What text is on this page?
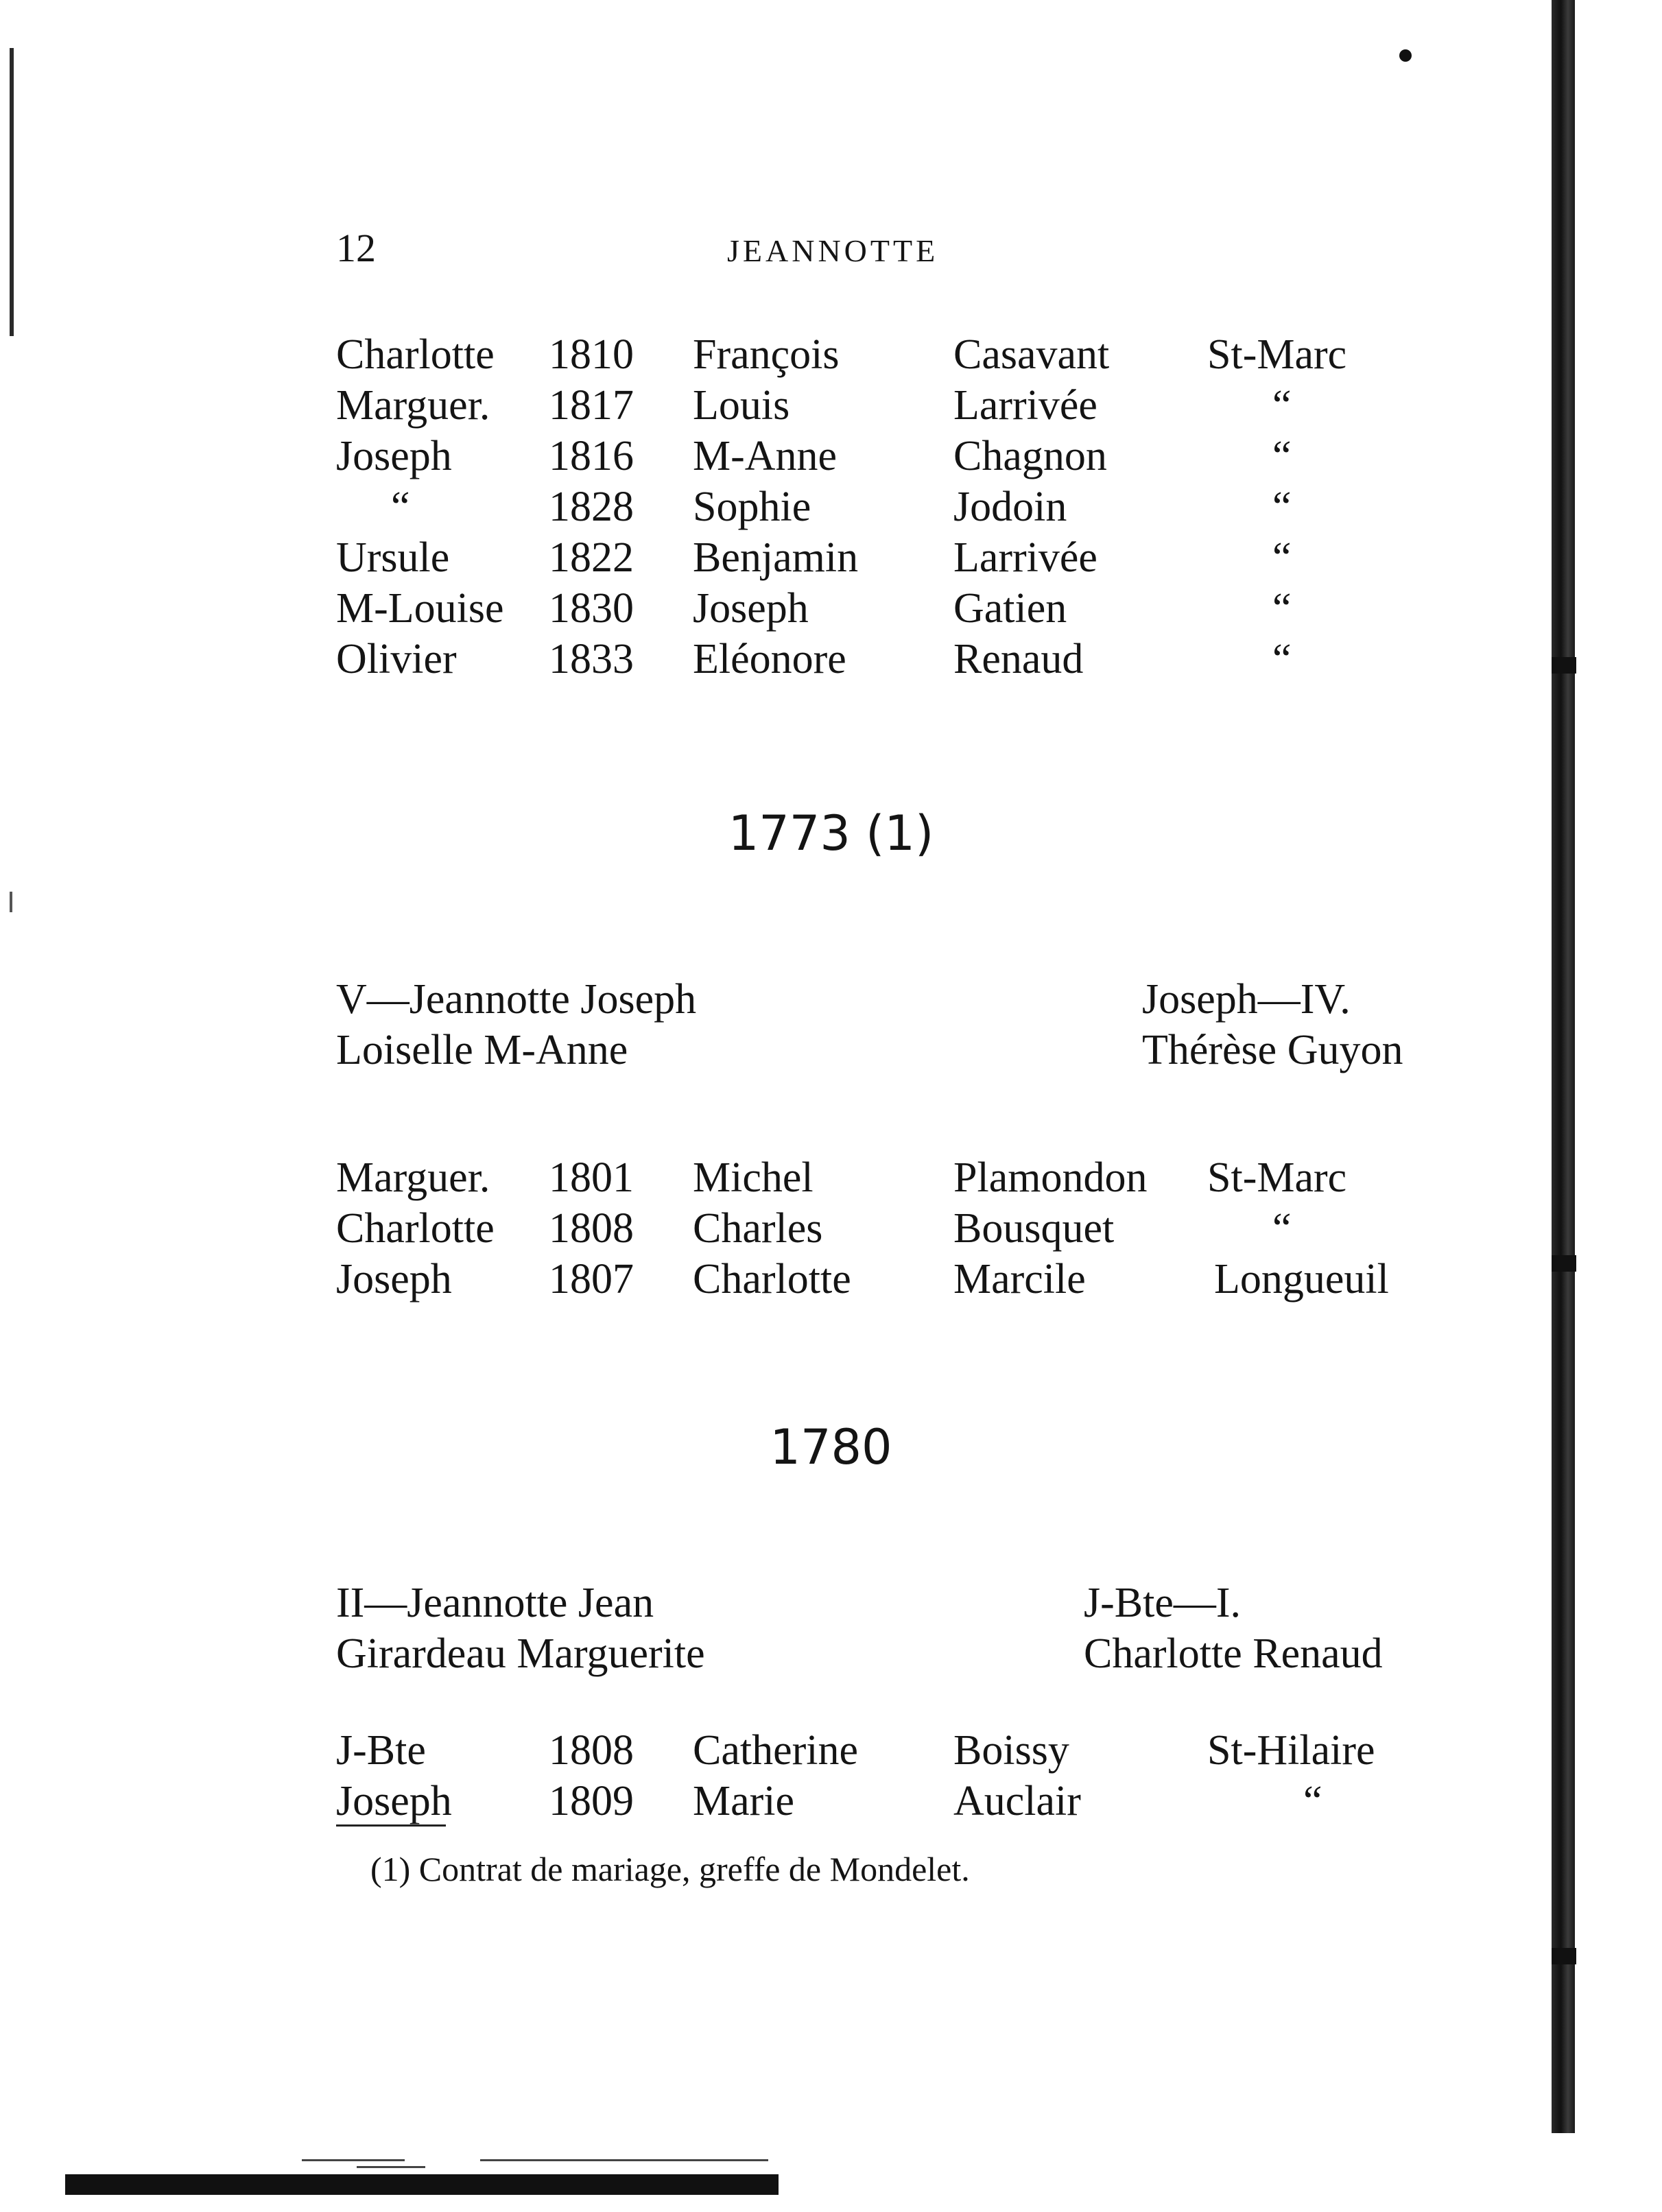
12	JEANNOTTE
Charlotte	1810	François	Casavant	St-Marc
Marguer.	1817	Louis	Larrivée	“
Joseph	1816	M-Anne	Chagnon	“
“	1828	Sophie	Jodoin	“
Ursule	1822	Benjamin	Larrivée	“
M-Louise	1830	Joseph	Gatien	“
Olivier	1833	Eléonore	Renaud	“
1773 (1)
V—Jeannotte Joseph	Joseph—IV.
Loiselle M-Anne	Thérèse Guyon
Marguer.	1801	Michel	Plamondon	St-Marc
Charlotte	1808	Charles	Bousquet	“
Joseph	1807	Charlotte	Marcile	Longueuil
1780
II—Jeannotte Jean	J-Bte—I.
Girardeau Marguerite	Charlotte Renaud
J-Bte	1808	Catherine	Boissy	St-Hilaire
Joseph	1809	Marie	Auclair	“
(1) Contrat de mariage, greffe de Mondelet.
